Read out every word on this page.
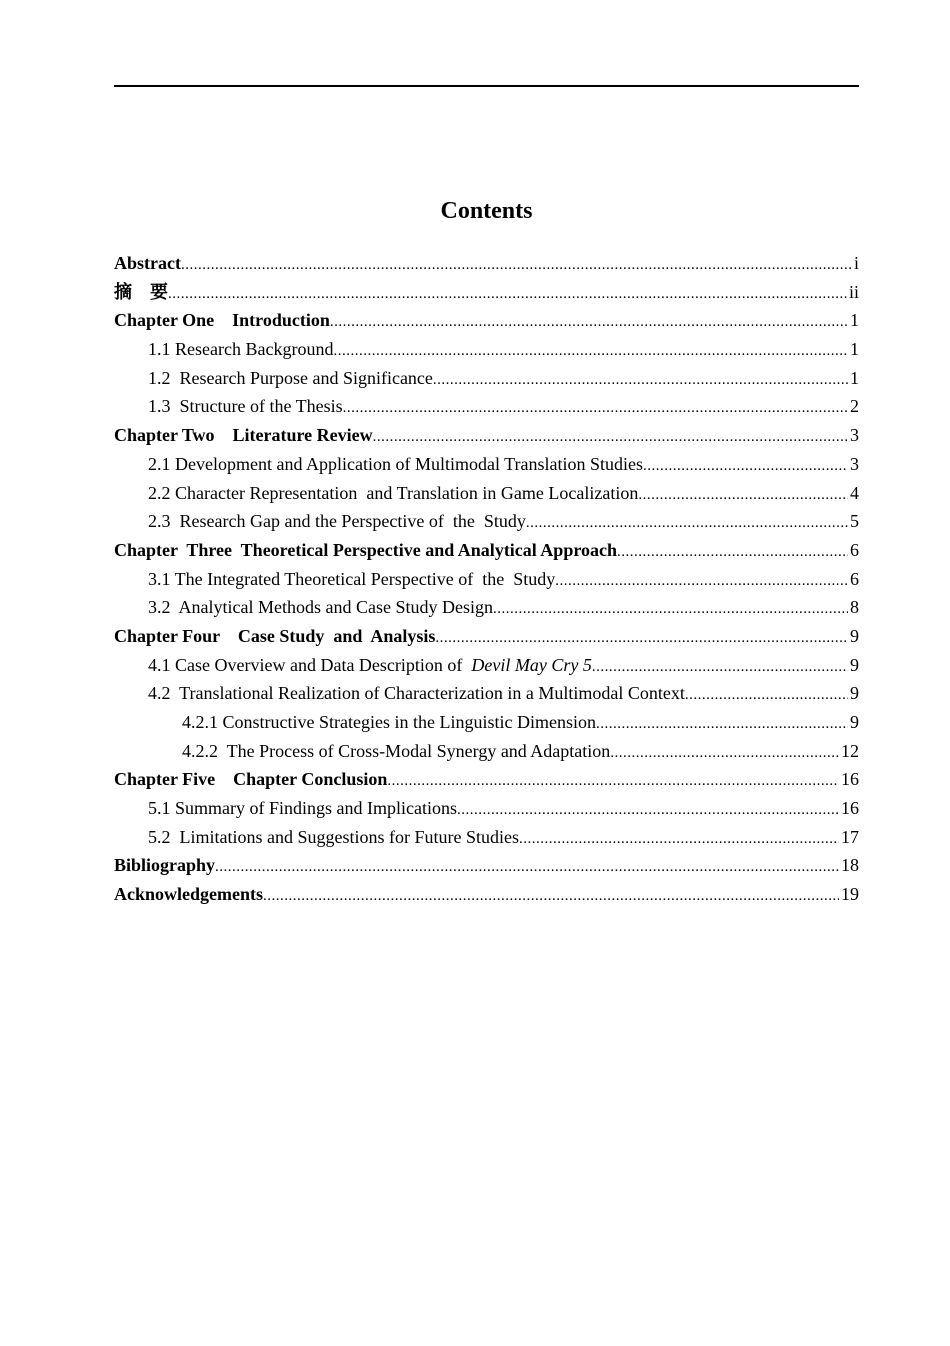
Contents
Abstract .....	i
摘　要 .....	ii
Chapter One　Introduction .....	1
1.1 Research Background .....	1
1.2  Research Purpose and Significance .....	1
1.3  Structure of the Thesis .....	2
Chapter Two　Literature Review .....	3
2.1 Development and Application of Multimodal Translation Studies .....	3
2.2 Character Representation  and Translation in Game Localization .....	4
2.3  Research Gap and the Perspective of  the  Study .....	5
Chapter  Three  Theoretical Perspective and Analytical Approach .....	6
3.1 The Integrated Theoretical Perspective of  the  Study .....	6
3.2  Analytical Methods and Case Study Design .....	8
Chapter Four　Case Study  and  Analysis .....	9
4.1 Case Overview and Data Description of  Devil May Cry 5 .....	9
4.2  Translational Realization of Characterization in a Multimodal Context .....	9
4.2.1 Constructive Strategies in the Linguistic Dimension .....	9
4.2.2  The Process of Cross-Modal Synergy and Adaptation .....	12
Chapter Five　Chapter Conclusion .....	16
5.1 Summary of Findings and Implications .....	16
5.2  Limitations and Suggestions for Future Studies .....	17
Bibliography .....	18
Acknowledgements .....	19
